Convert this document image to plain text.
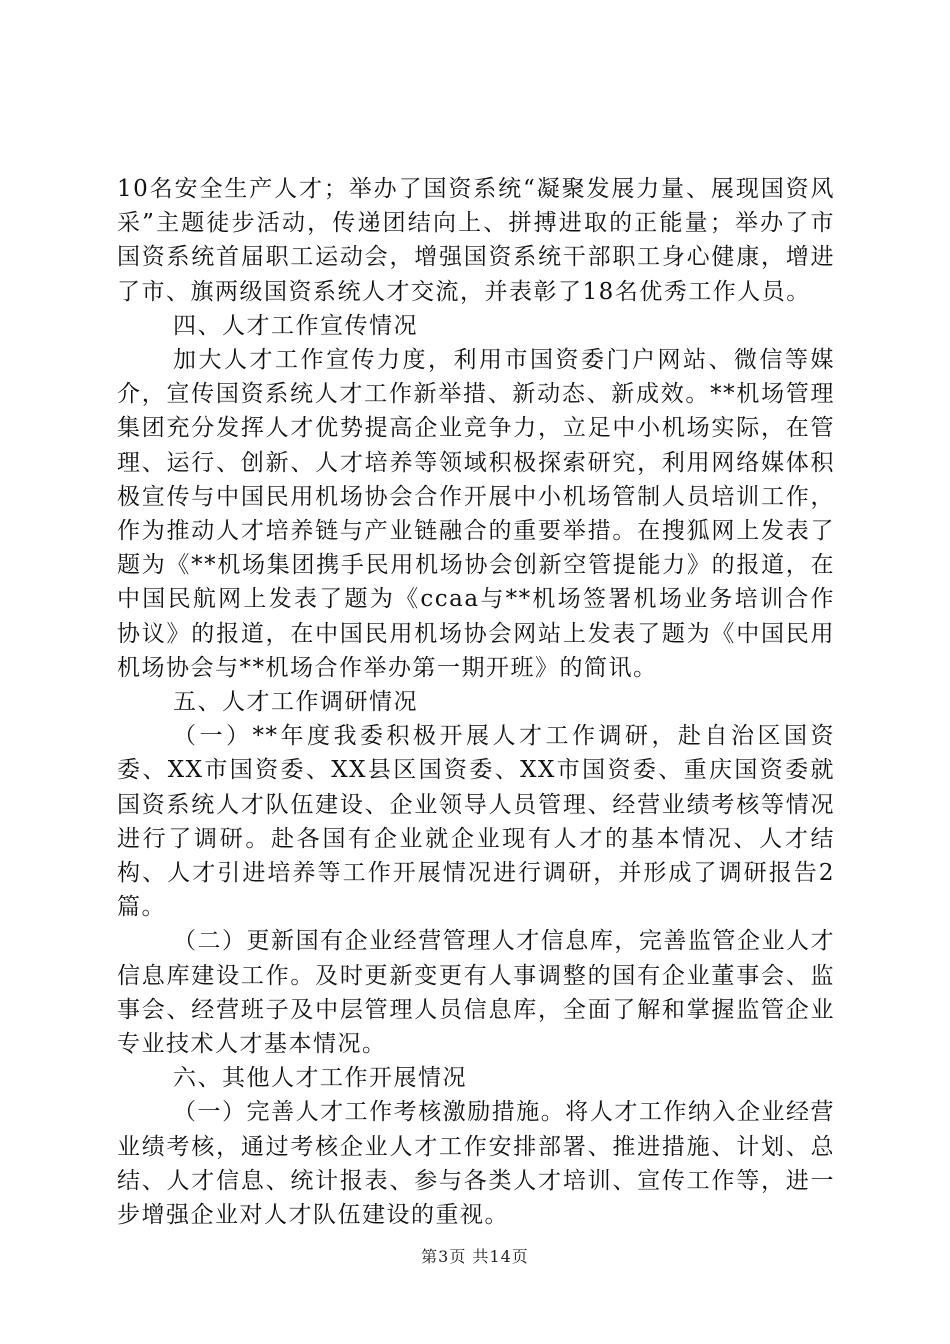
10名安全生产人才；举办了国资系统“凝聚发展力量、展现国资风采”主题徒步活动，传递团结向上、拼搏进取的正能量；举办了市国资系统首届职工运动会，增强国资系统干部职工身心健康，增进了市、旗两级国资系统人才交流，并表彰了18名优秀工作人员。

四、人才工作宣传情况

加大人才工作宣传力度，利用市国资委门户网站、微信等媒介，宣传国资系统人才工作新举措、新动态、新成效。**机场管理集团充分发挥人才优势提高企业竞争力，立足中小机场实际，在管理、运行、创新、人才培养等领域积极探索研究，利用网络媒体积极宣传与中国民用机场协会合作开展中小机场管制人员培训工作，作为推动人才培养链与产业链融合的重要举措。在搜狐网上发表了题为《**机场集团携手民用机场协会创新空管提能力》的报道，在中国民航网上发表了题为《ccaa与**机场签署机场业务培训合作协议》的报道，在中国民用机场协会网站上发表了题为《中国民用机场协会与**机场合作举办第一期开班》的简讯。

五、人才工作调研情况

（一）**年度我委积极开展人才工作调研，赴自治区国资委、XX市国资委、XX县区国资委、XX市国资委、重庆国资委就国资系统人才队伍建设、企业领导人员管理、经营业绩考核等情况进行了调研。赴各国有企业就企业现有人才的基本情况、人才结构、人才引进培养等工作开展情况进行调研，并形成了调研报告2篇。

（二）更新国有企业经营管理人才信息库，完善监管企业人才信息库建设工作。及时更新变更有人事调整的国有企业董事会、监事会、经营班子及中层管理人员信息库，全面了解和掌握监管企业专业技术人才基本情况。

六、其他人才工作开展情况

（一）完善人才工作考核激励措施。将人才工作纳入企业经营业绩考核，通过考核企业人才工作安排部署、推进措施、计划、总结、人才信息、统计报表、参与各类人才培训、宣传工作等，进一步增强企业对人才队伍建设的重视。

第3页 共14页
